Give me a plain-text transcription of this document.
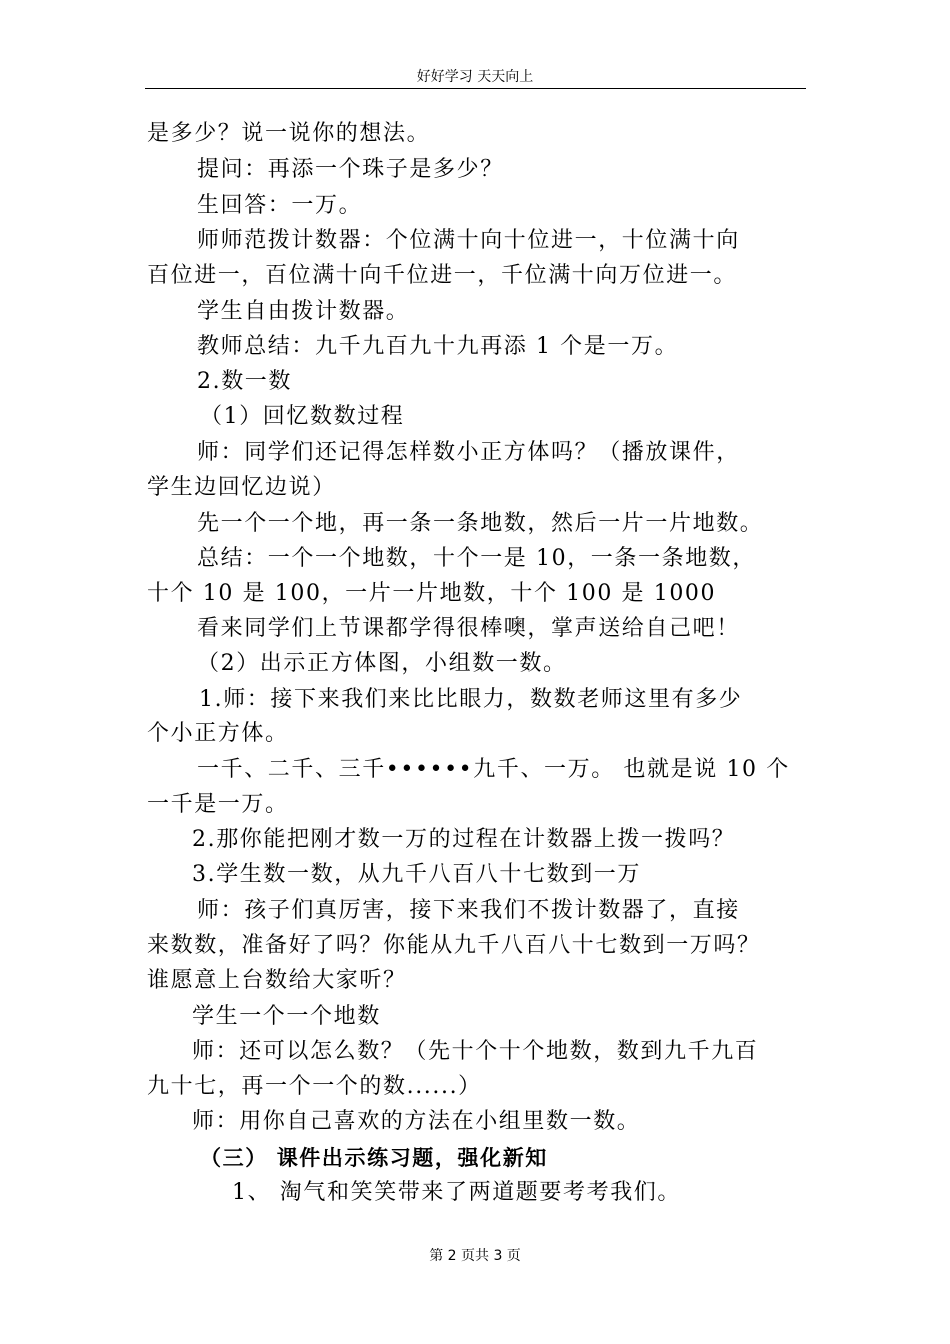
好好学习 天天向上
是多少？说一说你的想法。
提问：再添一个珠子是多少？
生回答：一万。
师师范拨计数器：个位满十向十位进一，十位满十向
百位进一，百位满十向千位进一，千位满十向万位进一。
学生自由拨计数器。
教师总结：九千九百九十九再添 1 个是一万。
2.数一数
（1）回忆数数过程
师：同学们还记得怎样数小正方体吗？（播放课件，
学生边回忆边说）
先一个一个地，再一条一条地数，然后一片一片地数。
总结：一个一个地数，十个一是 10，一条一条地数，
十个 10 是 100，一片一片地数，十个 100 是 1000
看来同学们上节课都学得很棒噢，掌声送给自己吧！
（2）出示正方体图，小组数一数。
1.师：接下来我们来比比眼力，数数老师这里有多少
个小正方体。
一千、二千、三千••••••九千、一万。 也就是说 10 个
一千是一万。
2.那你能把刚才数一万的过程在计数器上拨一拨吗？
3.学生数一数，从九千八百八十七数到一万
师：孩子们真厉害，接下来我们不拨计数器了，直接
来数数，准备好了吗？你能从九千八百八十七数到一万吗？
谁愿意上台数给大家听？
学生一个一个地数
师：还可以怎么数？（先十个十个地数，数到九千九百
九十七，再一个一个的数......）
师：用你自己喜欢的方法在小组里数一数。
（三） 课件出示练习题，强化新知
1、 淘气和笑笑带来了两道题要考考我们。
第 2 页共 3 页
